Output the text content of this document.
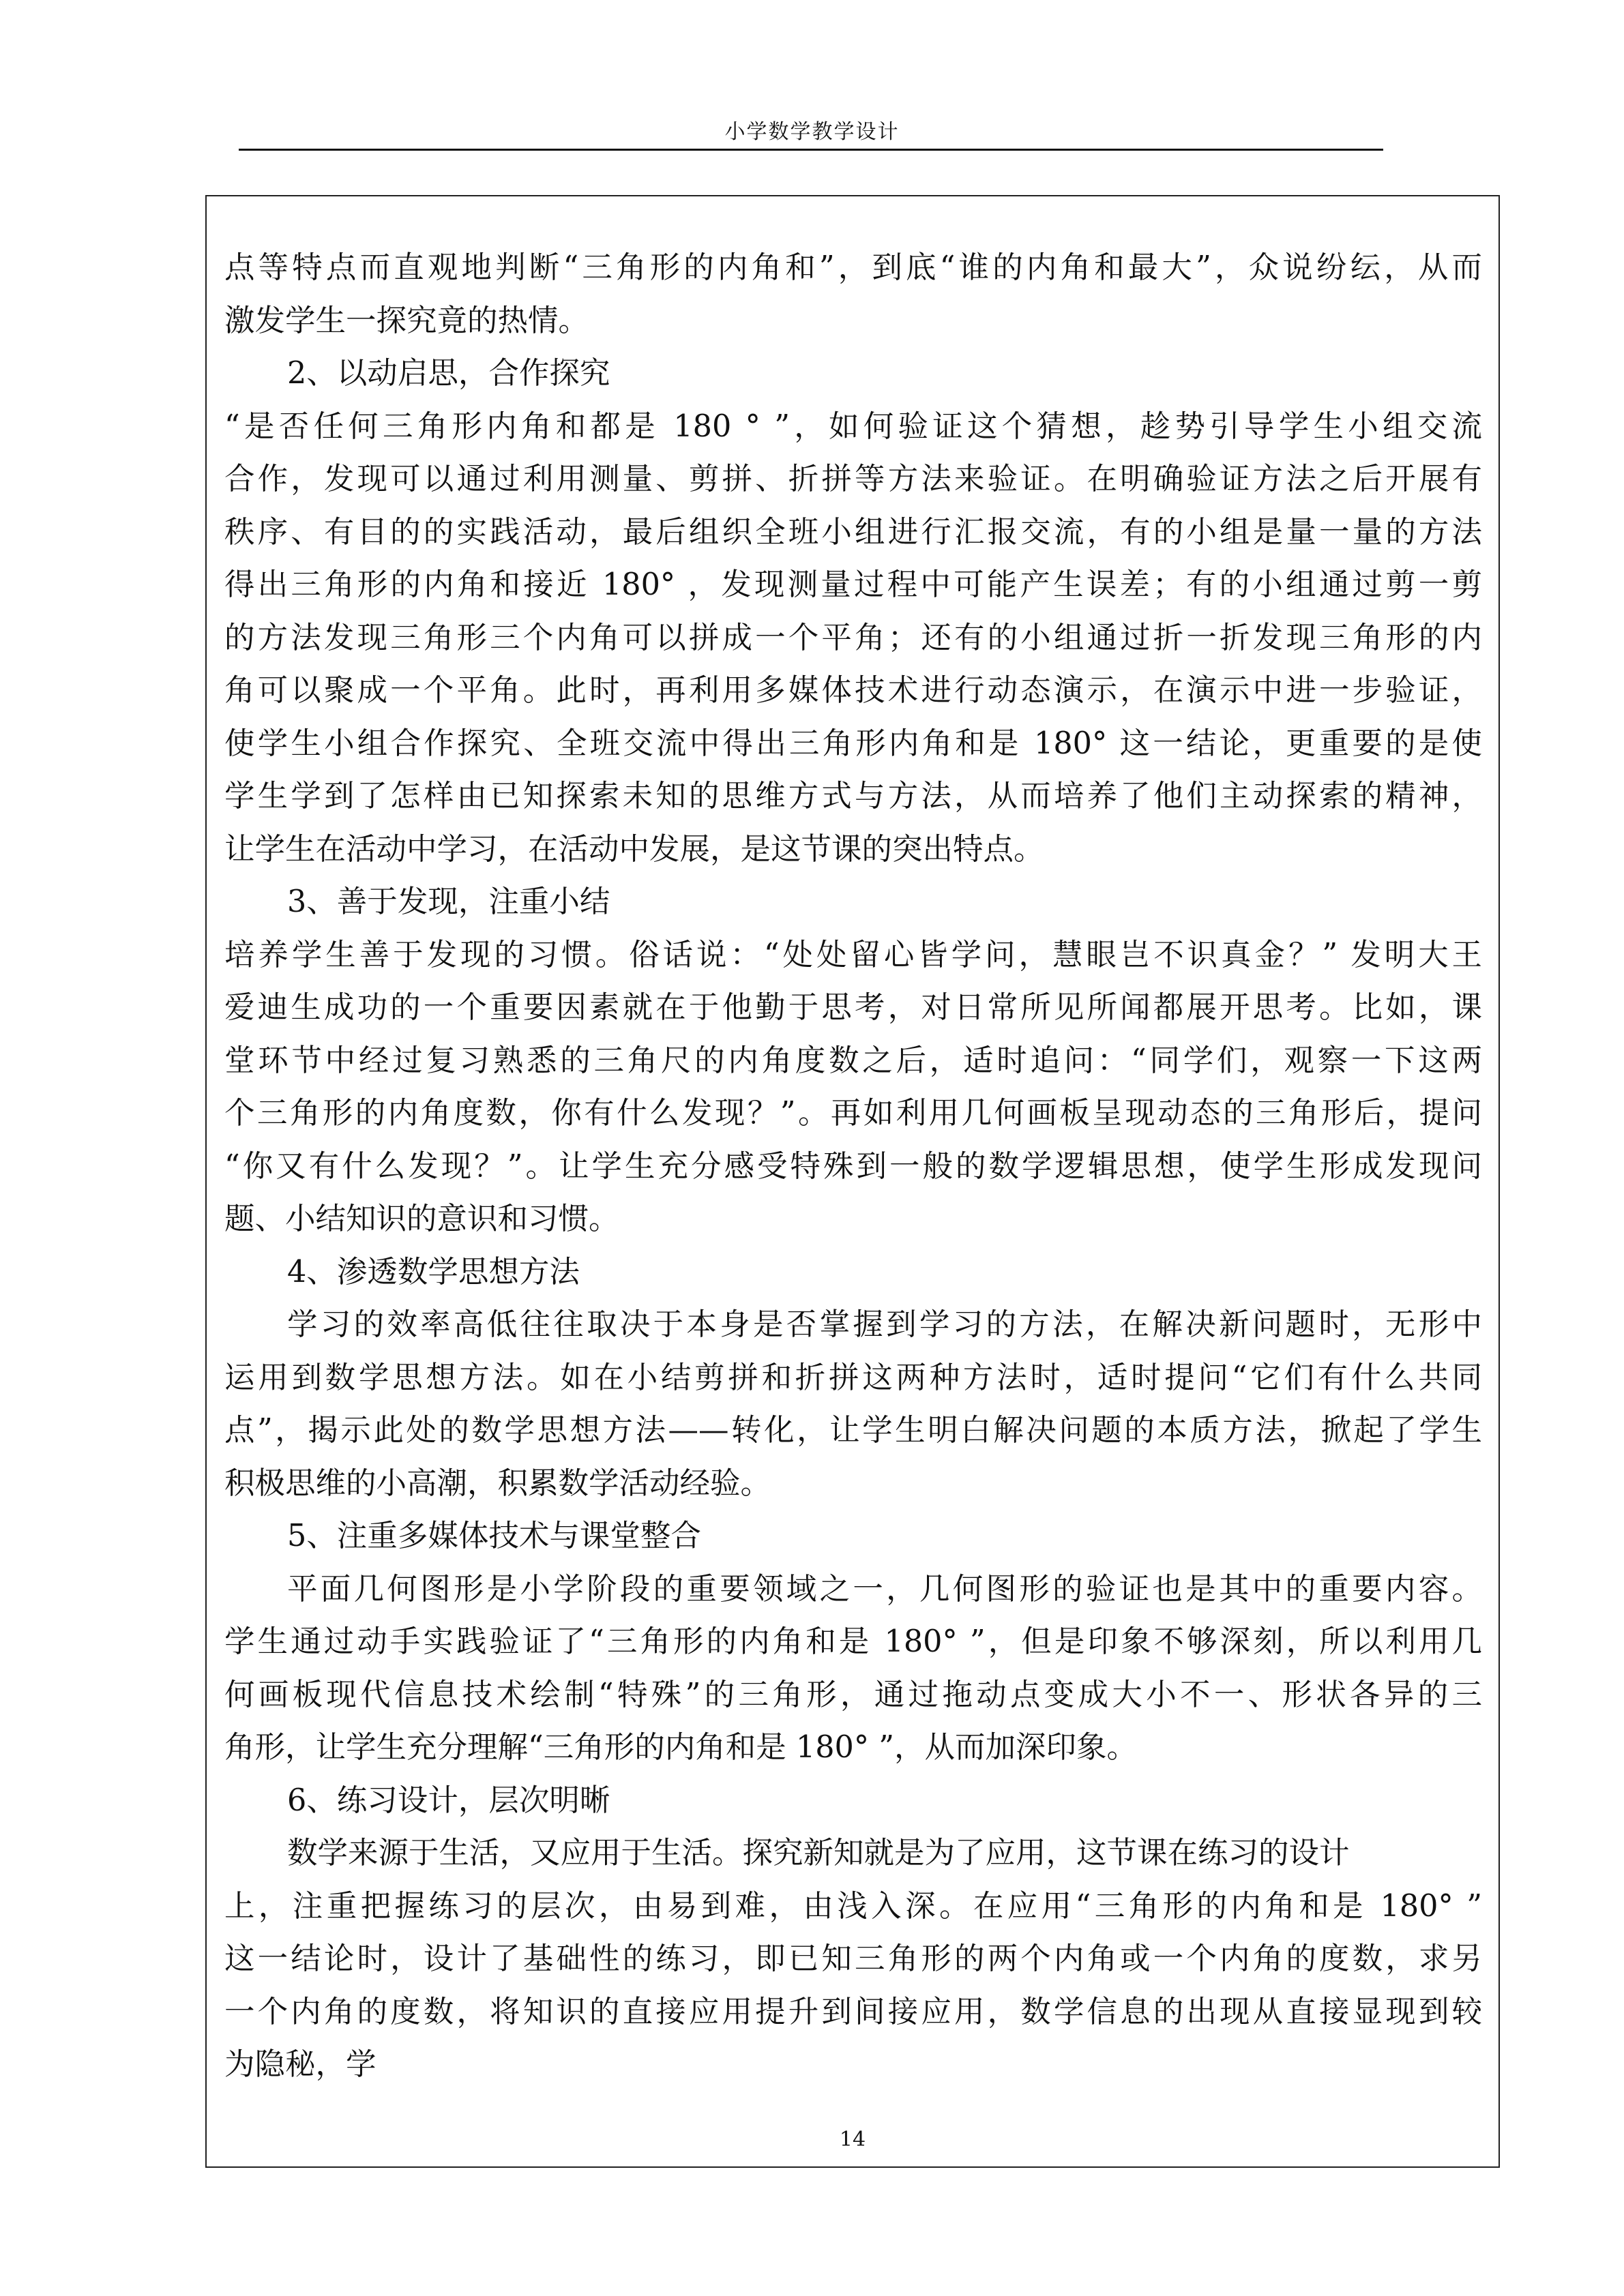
小学数学教学设计
点等特点而直观地判断“三角形的内角和”，到底“谁的内角和最大”，众说纷纭，从而
激发学生一探究竟的热情。
2、以动启思，合作探究
“是否任何三角形内角和都是 180 ° ”，如何验证这个猜想，趁势引导学生小组交流
合作，发现可以通过利用测量、剪拼、折拼等方法来验证。在明确验证方法之后开展有
秩序、有目的的实践活动，最后组织全班小组进行汇报交流，有的小组是量一量的方法
得出三角形的内角和接近 180° ，发现测量过程中可能产生误差；有的小组通过剪一剪
的方法发现三角形三个内角可以拼成一个平角；还有的小组通过折一折发现三角形的内
角可以聚成一个平角。此时，再利用多媒体技术进行动态演示，在演示中进一步验证，
使学生小组合作探究、全班交流中得出三角形内角和是 180° 这一结论，更重要的是使
学生学到了怎样由已知探索未知的思维方式与方法，从而培养了他们主动探索的精神，
让学生在活动中学习，在活动中发展，是这节课的突出特点。
3、善于发现，注重小结
培养学生善于发现的习惯。俗话说：“处处留心皆学问，慧眼岂不识真金？” 发明大王
爱迪生成功的一个重要因素就在于他勤于思考，对日常所见所闻都展开思考。比如，课
堂环节中经过复习熟悉的三角尺的内角度数之后，适时追问：“同学们，观察一下这两
个三角形的内角度数，你有什么发现？”。再如利用几何画板呈现动态的三角形后，提问
“你又有什么发现？”。让学生充分感受特殊到一般的数学逻辑思想，使学生形成发现问
题、小结知识的意识和习惯。
4、渗透数学思想方法
学习的效率高低往往取决于本身是否掌握到学习的方法，在解决新问题时，无形中
运用到数学思想方法。如在小结剪拼和折拼这两种方法时，适时提问“它们有什么共同
点”，揭示此处的数学思想方法——转化，让学生明白解决问题的本质方法，掀起了学生
积极思维的小高潮，积累数学活动经验。
5、注重多媒体技术与课堂整合
平面几何图形是小学阶段的重要领域之一，几何图形的验证也是其中的重要内容。
学生通过动手实践验证了“三角形的内角和是 180° ”，但是印象不够深刻，所以利用几
何画板现代信息技术绘制“特殊”的三角形，通过拖动点变成大小不一、形状各异的三
角形，让学生充分理解“三角形的内角和是 180° ”，从而加深印象。
6、练习设计，层次明晰
数学来源于生活，又应用于生活。探究新知就是为了应用，这节课在练习的设计
上，注重把握练习的层次，由易到难，由浅入深。在应用“三角形的内角和是 180° ”
这一结论时，设计了基础性的练习，即已知三角形的两个内角或一个内角的度数，求另
一个内角的度数，将知识的直接应用提升到间接应用，数学信息的出现从直接显现到较
为隐秘，学
14
